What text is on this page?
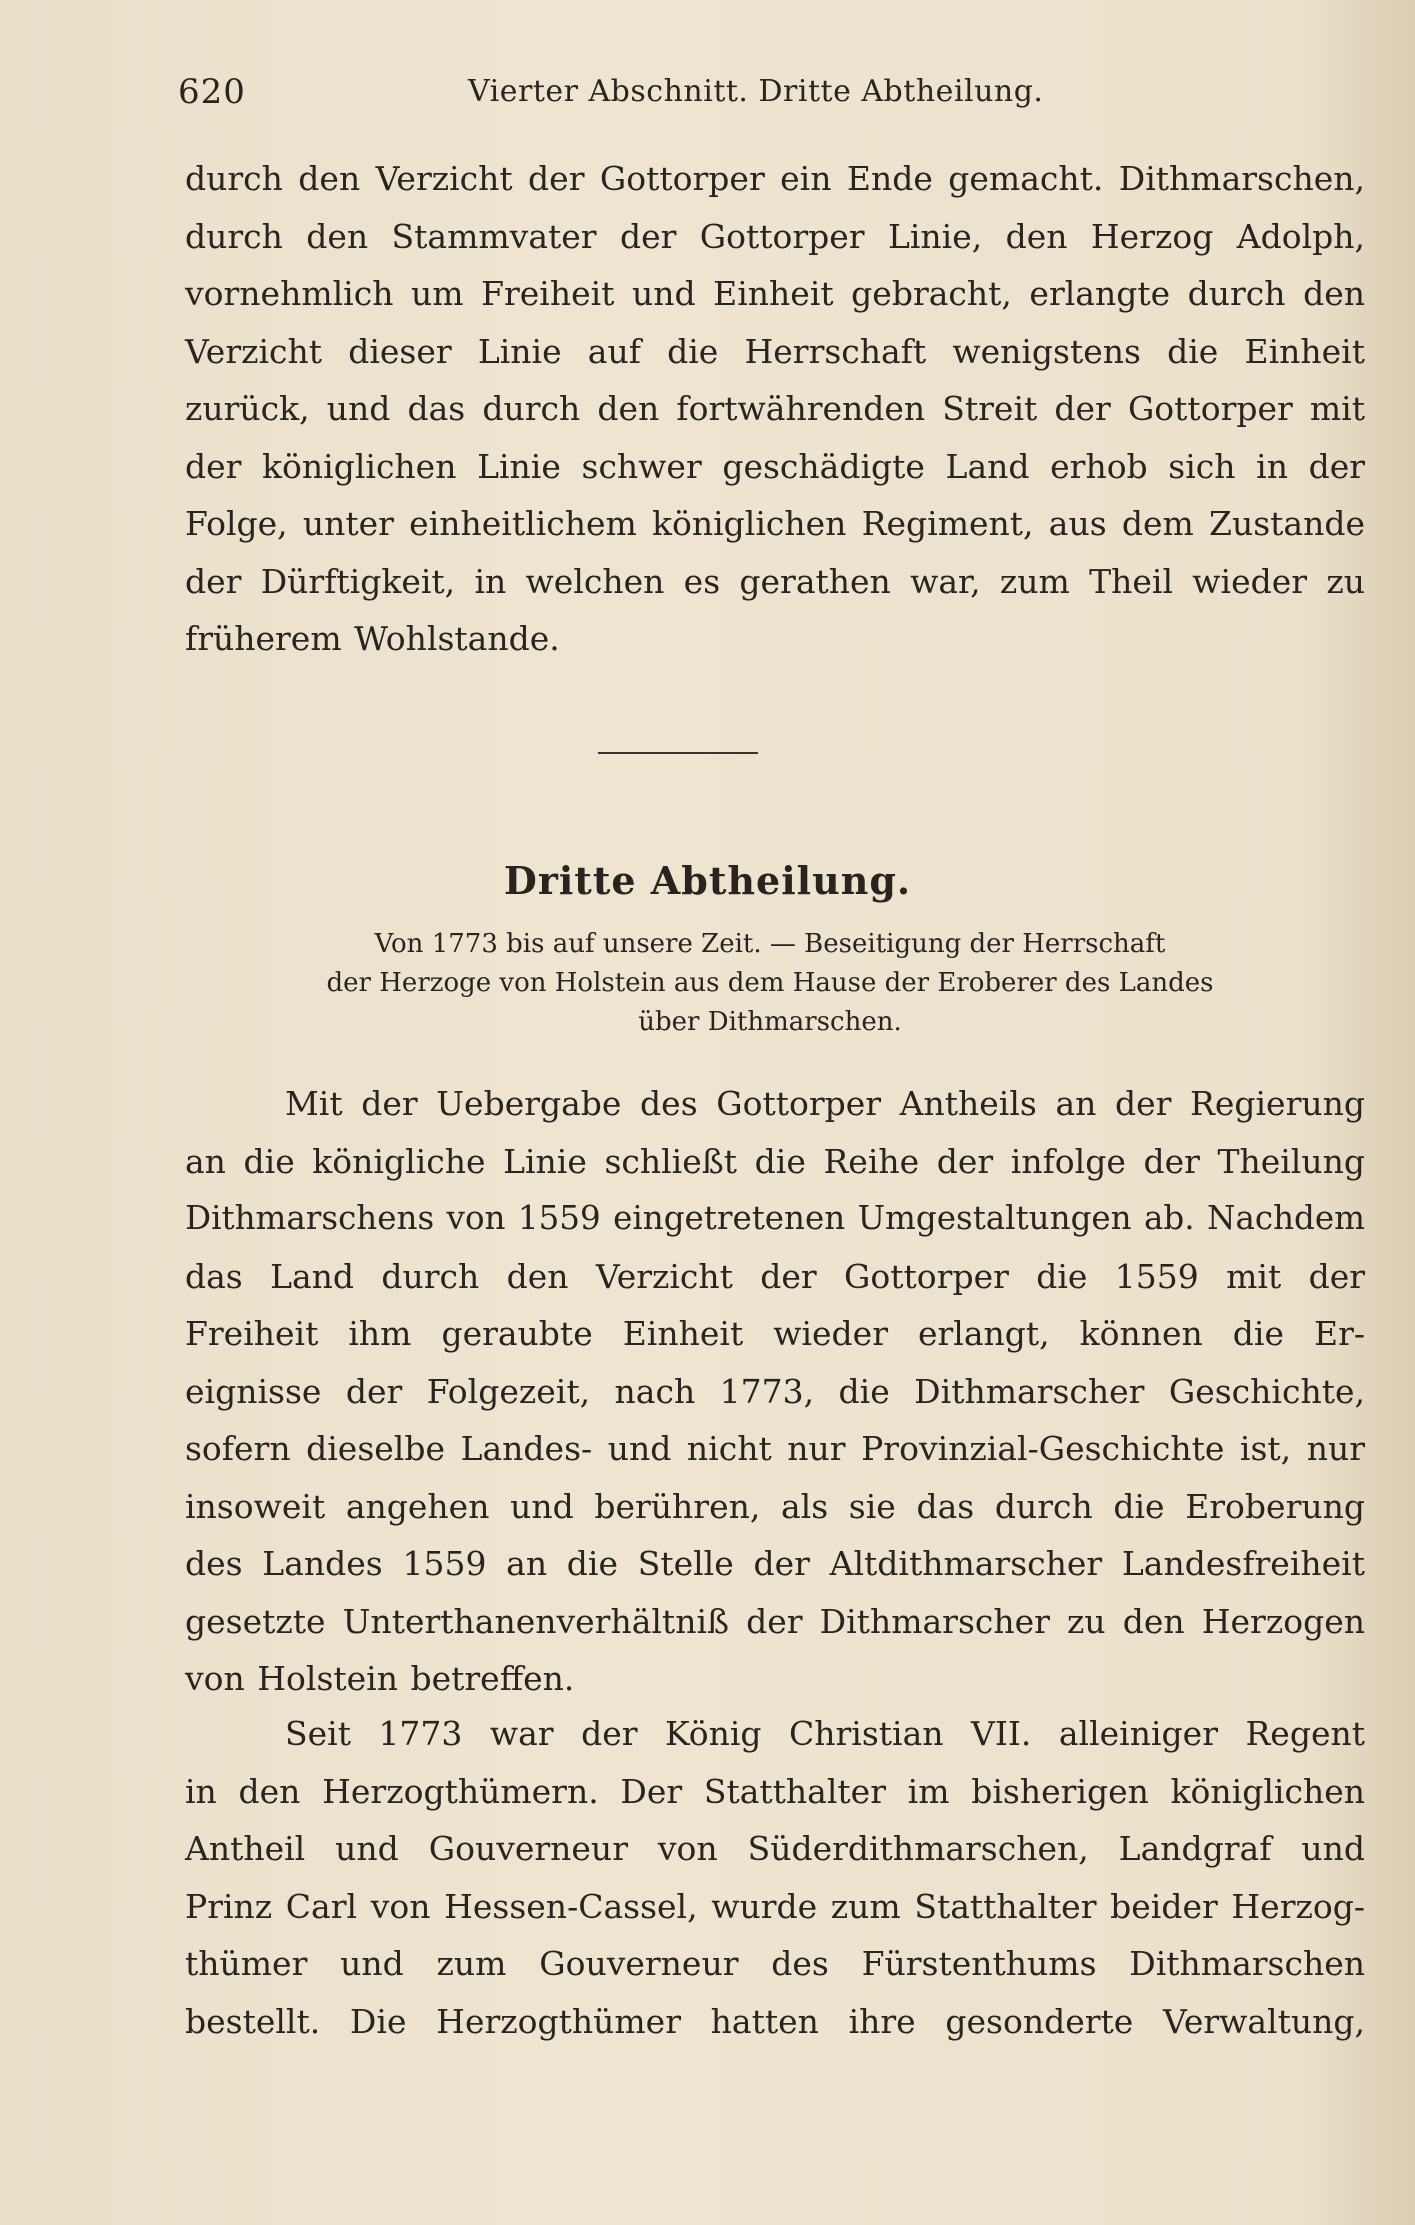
620	Vierter Abschnitt. Dritte Abtheilung.
durch den Verzicht der Gottorper ein Ende gemacht. Dithmarschen,
durch den Stammvater der Gottorper Linie, den Herzog Adolph,
vornehmlich um Freiheit und Einheit gebracht, erlangte durch den
Verzicht dieser Linie auf die Herrschaft wenigstens die Einheit
zurück, und das durch den fortwährenden Streit der Gottorper mit
der königlichen Linie schwer geschädigte Land erhob sich in der
Folge, unter einheitlichem königlichen Regiment, aus dem Zustande
der Dürftigkeit, in welchen es gerathen war, zum Theil wieder zu
früherem Wohlstande.
Dritte Abtheilung.
Von 1773 bis auf unsere Zeit. — Beseitigung der Herrschaft
der Herzoge von Holstein aus dem Hause der Eroberer des Landes
über Dithmarschen.
Mit der Uebergabe des Gottorper Antheils an der Regierung
an die königliche Linie schließt die Reihe der infolge der Theilung
Dithmarschens von 1559 eingetretenen Umgestaltungen ab. Nachdem
das Land durch den Verzicht der Gottorper die 1559 mit der
Freiheit ihm geraubte Einheit wieder erlangt, können die Er-
eignisse der Folgezeit, nach 1773, die Dithmarscher Geschichte,
sofern dieselbe Landes- und nicht nur Provinzial-Geschichte ist, nur
insoweit angehen und berühren, als sie das durch die Eroberung
des Landes 1559 an die Stelle der Altdithmarscher Landesfreiheit
gesetzte Unterthanenverhältniß der Dithmarscher zu den Herzogen
von Holstein betreffen.
Seit 1773 war der König Christian VII. alleiniger Regent
in den Herzogthümern. Der Statthalter im bisherigen königlichen
Antheil und Gouverneur von Süderdithmarschen, Landgraf und
Prinz Carl von Hessen-Cassel, wurde zum Statthalter beider Herzog-
thümer und zum Gouverneur des Fürstenthums Dithmarschen
bestellt. Die Herzogthümer hatten ihre gesonderte Verwaltung,
